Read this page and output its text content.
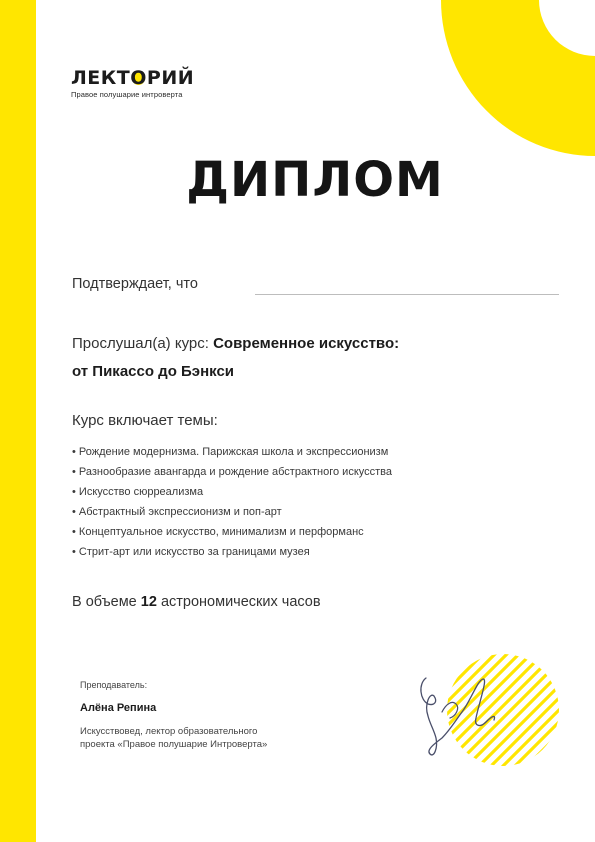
ЛЕКТ
ОРИЙ
Правое полушарие интроверта
ДИПЛОМ
Подтверждает, что
Прослушал(а) курс: Современное искусство:
от Пикассо до Бэнкси
Курс включает темы:
• Рождение модернизма. Парижская школа и экспрессионизм
• Разнообразие авангарда и рождение абстрактного искусства
• Искусство сюрреализма
• Абстрактный экспрессионизм и поп-арт
• Концептуальное искусство, минимализм и перформанс
• Стрит-арт или искусство за границами музея
В объеме 12 астрономических часов
Преподаватель:
Алёна Репина
Искусствовед, лектор образовательного
проекта «Правое полушарие Интроверта»
